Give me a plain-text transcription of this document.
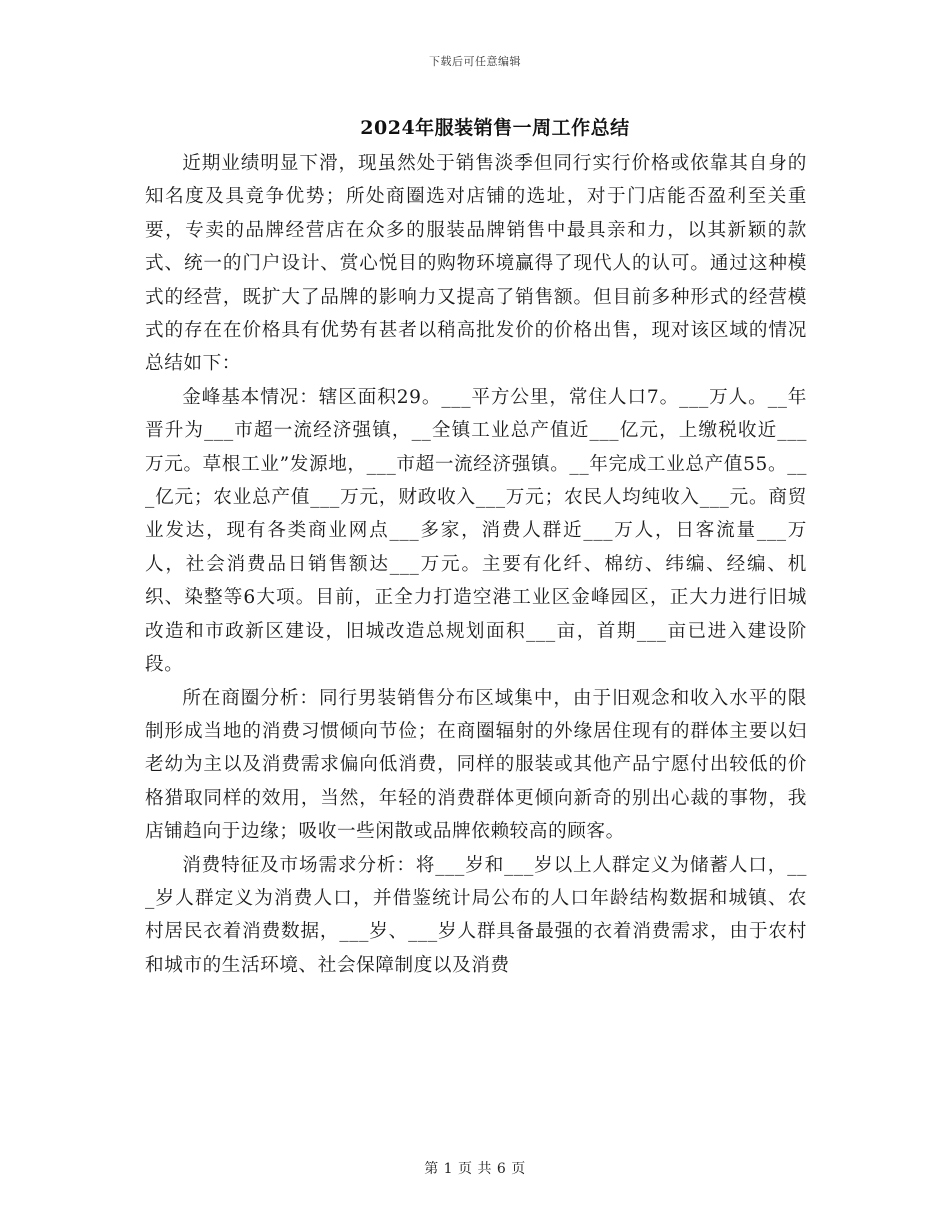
下载后可任意编辑
2024年服装销售一周工作总结

近期业绩明显下滑，现虽然处于销售淡季但同行实行价格或依靠其自身的知名度及具竟争优势；所处商圈选对店铺的选址，对于门店能否盈利至关重要，专卖的品牌经营店在众多的服装品牌销售中最具亲和力，以其新颖的款式、统一的门户设计、赏心悦目的购物环境赢得了现代人的认可。通过这种模式的经营，既扩大了品牌的影响力又提高了销售额。但目前多种形式的经营模式的存在在价格具有优势有甚者以稍高批发价的价格出售，现对该区域的情况总结如下：

金峰基本情况：辖区面积29。___平方公里，常住人口7。___万人。__年晋升为___市超一流经济强镇，__全镇工业总产值近___亿元，上缴税收近___万元。草根工业”发源地，___市超一流经济强镇。__年完成工业总产值55。___亿元；农业总产值___万元，财政收入___万元；农民人均纯收入___元。商贸业发达，现有各类商业网点___多家，消费人群近___万人，日客流量___万人，社会消费品日销售额达___万元。主要有化纤、棉纺、纬编、经编、机织、染整等6大项。目前，正全力打造空港工业区金峰园区，正大力进行旧城改造和市政新区建设，旧城改造总规划面积___亩，首期___亩已进入建设阶段。

所在商圈分析：同行男装销售分布区域集中，由于旧观念和收入水平的限制形成当地的消费习惯倾向节俭；在商圈辐射的外缘居住现有的群体主要以妇老幼为主以及消费需求偏向低消费，同样的服装或其他产品宁愿付出较低的价格猎取同样的效用，当然，年轻的消费群体更倾向新奇的别出心裁的事物，我店铺趋向于边缘；吸收一些闲散或品牌依赖较高的顾客。

消费特征及市场需求分析：将___岁和___岁以上人群定义为储蓄人口，___岁人群定义为消费人口，并借鉴统计局公布的人口年龄结构数据和城镇、农村居民衣着消费数据，___岁、___岁人群具备最强的衣着消费需求，由于农村和城市的生活环境、社会保障制度以及消费

第 1 页 共 6 页
